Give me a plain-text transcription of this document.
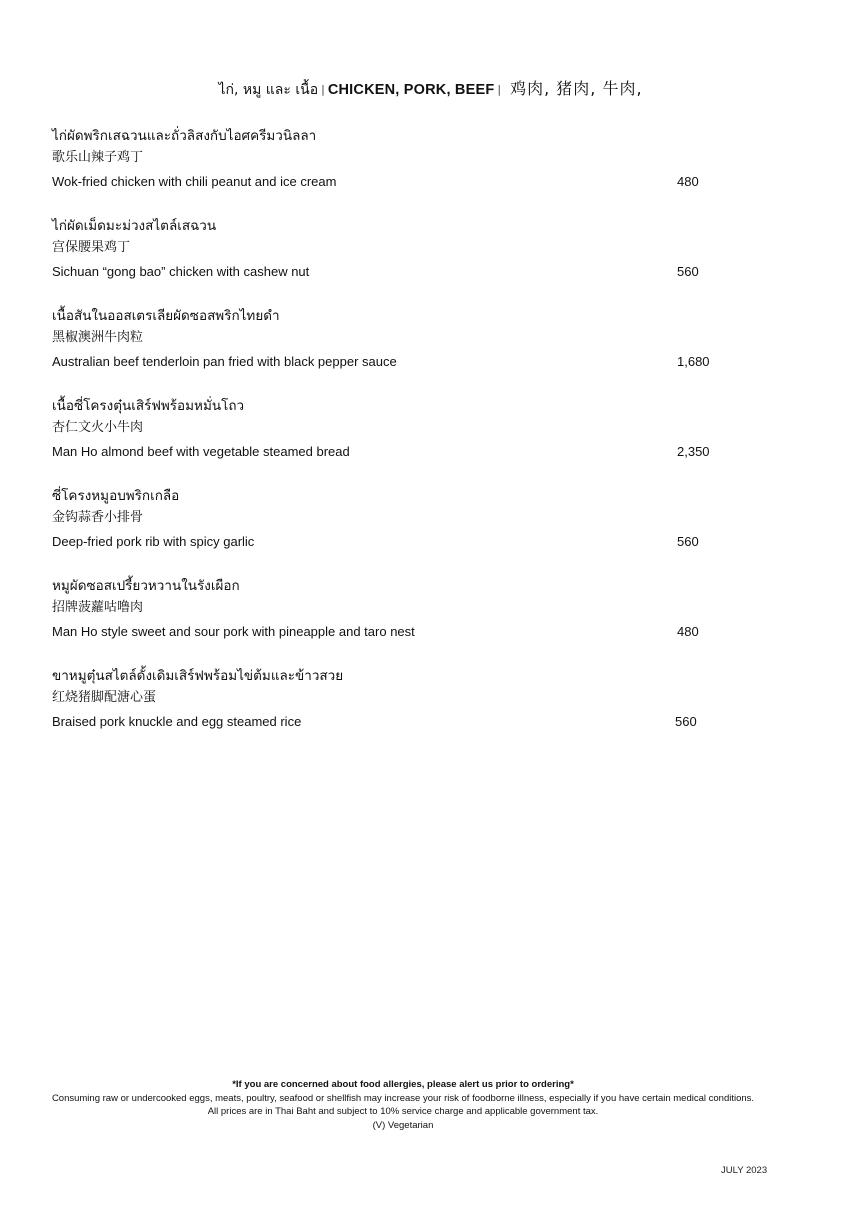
ไก่, หมู และ เนื้อ | CHICKEN, PORK, BEEF | 鸡肉, 猪肉, 牛肉,
ไก่ผัดพริกเสฉวนและถั่วลิสงกับไอศครีมวนิลลา
歌乐山辣子鸡丁
Wok-fried chicken with chili peanut and ice cream	480
ไก่ผัดเม็ดมะม่วงสไตล์เสฉวน
宫保腰果鸡丁
Sichuan “gong bao” chicken with cashew nut	560
เนื้อสันในออสเตรเลียผัดซอสพริกไทยดำ
黑椒澳洲牛肉粒
Australian beef tenderloin pan fried with black pepper sauce	1,680
เนื้อซี่โครงตุ๋นเสิร์ฟพร้อมหมั่นโถว
杏仁文火小牛肉
Man Ho almond beef with vegetable steamed bread	2,350
ซี่โครงหมูอบพริกเกลือ
金钩蒜香小排骨
Deep-fried pork rib with spicy garlic	560
หมูผัดซอสเปรี้ยวหวานในรังเผือก
招牌菠蘿咕噜肉
Man Ho style sweet and sour pork with pineapple and taro nest	480
ขาหมูตุ๋นสไตล์ดั้งเดิมเสิร์ฟพร้อมไข่ต้มและข้าวสวย
红烧猪脚配溏心蛋
Braised pork knuckle and egg steamed rice	560
*If you are concerned about food allergies, please alert us prior to ordering*
Consuming raw or undercooked eggs, meats, poultry, seafood or shellfish may increase your risk of foodborne illness, especially if you have certain medical conditions.
All prices are in Thai Baht and subject to 10% service charge and applicable government tax.
(V) Vegetarian
JULY 2023
